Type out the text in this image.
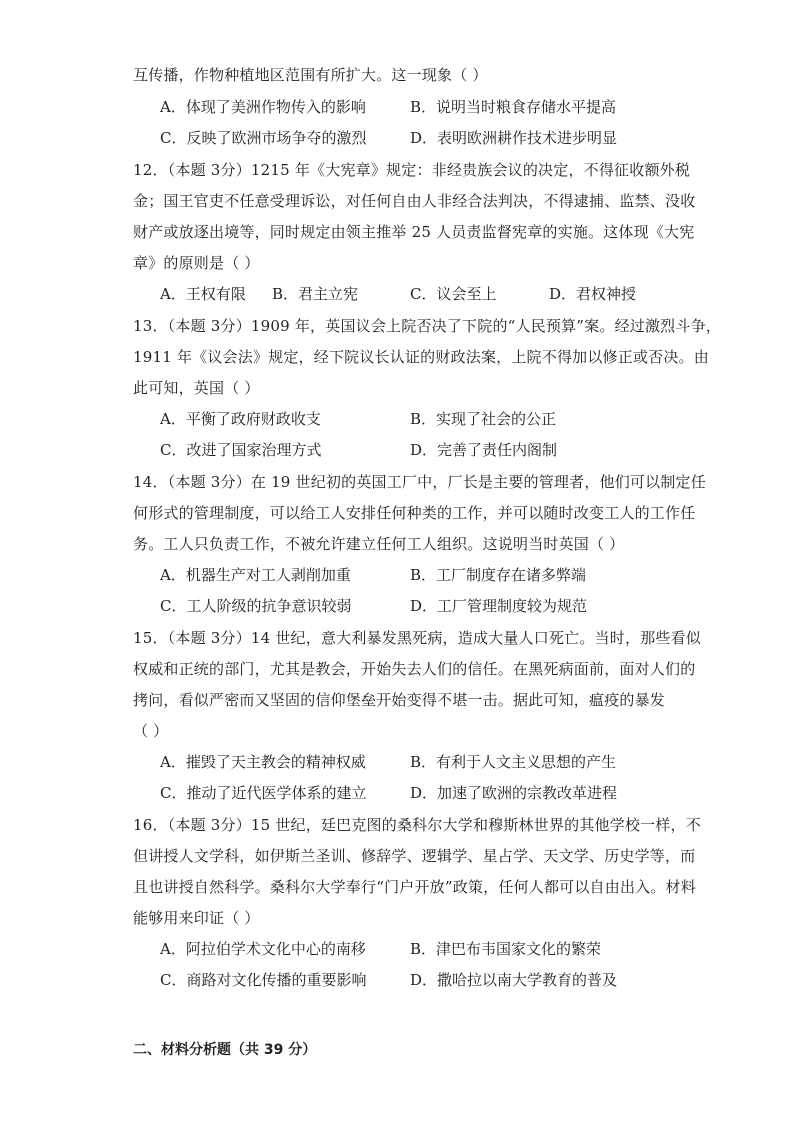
互传播，作物种植地区范围有所扩大。这一现象（ ）
A．体现了美洲作物传入的影响	B．说明当时粮食存储水平提高
C．反映了欧洲市场争夺的激烈	D．表明欧洲耕作技术进步明显
12．（本题 3分）1215 年《大宪章》规定：非经贵族会议的决定，不得征收额外税
金；国王官吏不任意受理诉讼，对任何自由人非经合法判决，不得逮捕、监禁、没收
财产或放逐出境等，同时规定由领主推举 25 人员责监督宪章的实施。这体现《大宪
章》的原则是（ ）
A．王权有限 B．君主立宪	C．议会至上	D．君权神授
13．（本题 3分）1909 年，英国议会上院否决了下院的“人民预算”案。经过激烈斗争，
1911 年《议会法》规定，经下院议长认证的财政法案，上院不得加以修正或否决。由
此可知，英国（ ）
A．平衡了政府财政收支	B．实现了社会的公正
C．改进了国家治理方式	D．完善了责任内阁制
14．（本题 3分）在 19 世纪初的英国工厂中，厂长是主要的管理者，他们可以制定任
何形式的管理制度，可以给工人安排任何种类的工作，并可以随时改变工人的工作任
务。工人只负责工作，不被允许建立任何工人组织。这说明当时英国（ ）
A．机器生产对工人剥削加重	B．工厂制度存在诸多弊端
C．工人阶级的抗争意识较弱	D．工厂管理制度较为规范
15．（本题 3分）14 世纪，意大利暴发黑死病，造成大量人口死亡。当时，那些看似
权威和正统的部门，尤其是教会，开始失去人们的信任。在黑死病面前，面对人们的
拷问，看似严密而又坚固的信仰堡垒开始变得不堪一击。据此可知，瘟疫的暴发
（ ）
A．摧毁了天主教会的精神权威	B．有利于人文主义思想的产生
C．推动了近代医学体系的建立	D．加速了欧洲的宗教改革进程
16．（本题 3分）15 世纪，廷巴克图的桑科尔大学和穆斯林世界的其他学校一样，不
但讲授人文学科，如伊斯兰圣训、修辞学、逻辑学、星占学、天文学、历史学等，而
且也讲授自然科学。桑科尔大学奉行“门户开放”政策，任何人都可以自由出入。材料
能够用来印证（ ）
A．阿拉伯学术文化中心的南移	B．津巴布韦国家文化的繁荣
C．商路对文化传播的重要影响	D．撒哈拉以南大学教育的普及
二、材料分析题（共 39 分）
